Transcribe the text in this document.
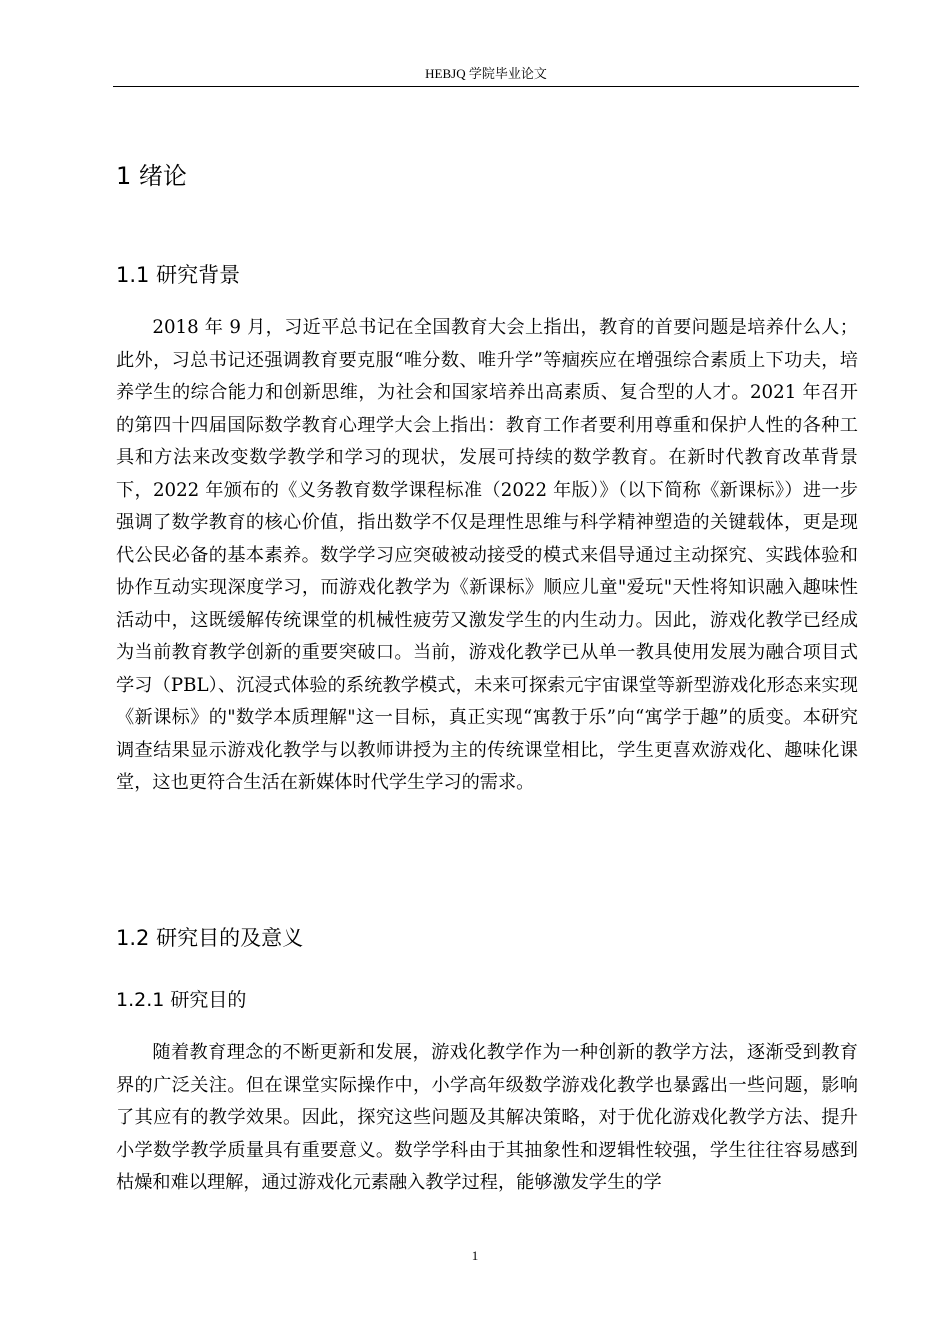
HEBJQ 学院毕业论文
1 绪论
1.1 研究背景

2018 年 9 月，习近平总书记在全国教育大会上指出，教育的首要问题是培养什么人；此外，习总书记还强调教育要克服“唯分数、唯升学”等痼疾应在增强综合素质上下功夫，培养学生的综合能力和创新思维，为社会和国家培养出高素质、复合型的人才。2021 年召开的第四十四届国际数学教育心理学大会上指出：教育工作者要利用尊重和保护人性的各种工具和方法来改变数学教学和学习的现状，发展可持续的数学教育。在新时代教育改革背景下，2022 年颁布的《义务教育数学课程标准（2022 年版）》（以下简称《新课标》）进一步强调了数学教育的核心价值，指出数学不仅是理性思维与科学精神塑造的关键载体，更是现代公民必备的基本素养。数学学习应突破被动接受的模式来倡导通过主动探究、实践体验和协作互动实现深度学习，而游戏化教学为《新课标》顺应儿童"爱玩"天性将知识融入趣味性活动中，这既缓解传统课堂的机械性疲劳又激发学生的内生动力。因此，游戏化教学已经成为当前教育教学创新的重要突破口。当前，游戏化教学已从单一教具使用发展为融合项目式学习（PBL）、沉浸式体验的系统教学模式，未来可探索元宇宙课堂等新型游戏化形态来实现《新课标》的"数学本质理解"这一目标，真正实现“寓教于乐”向“寓学于趣”的质变。本研究调查结果显示游戏化教学与以教师讲授为主的传统课堂相比，学生更喜欢游戏化、趣味化课堂，这也更符合生活在新媒体时代学生学习的需求。

1.2 研究目的及意义
1.2.1 研究目的

随着教育理念的不断更新和发展，游戏化教学作为一种创新的教学方法，逐渐受到教育界的广泛关注。但在课堂实际操作中，小学高年级数学游戏化教学也暴露出一些问题，影响了其应有的教学效果。因此，探究这些问题及其解决策略，对于优化游戏化教学方法、提升小学数学教学质量具有重要意义。数学学科由于其抽象性和逻辑性较强，学生往往容易感到枯燥和难以理解，通过游戏化元素融入教学过程，能够激发学生的学

1
